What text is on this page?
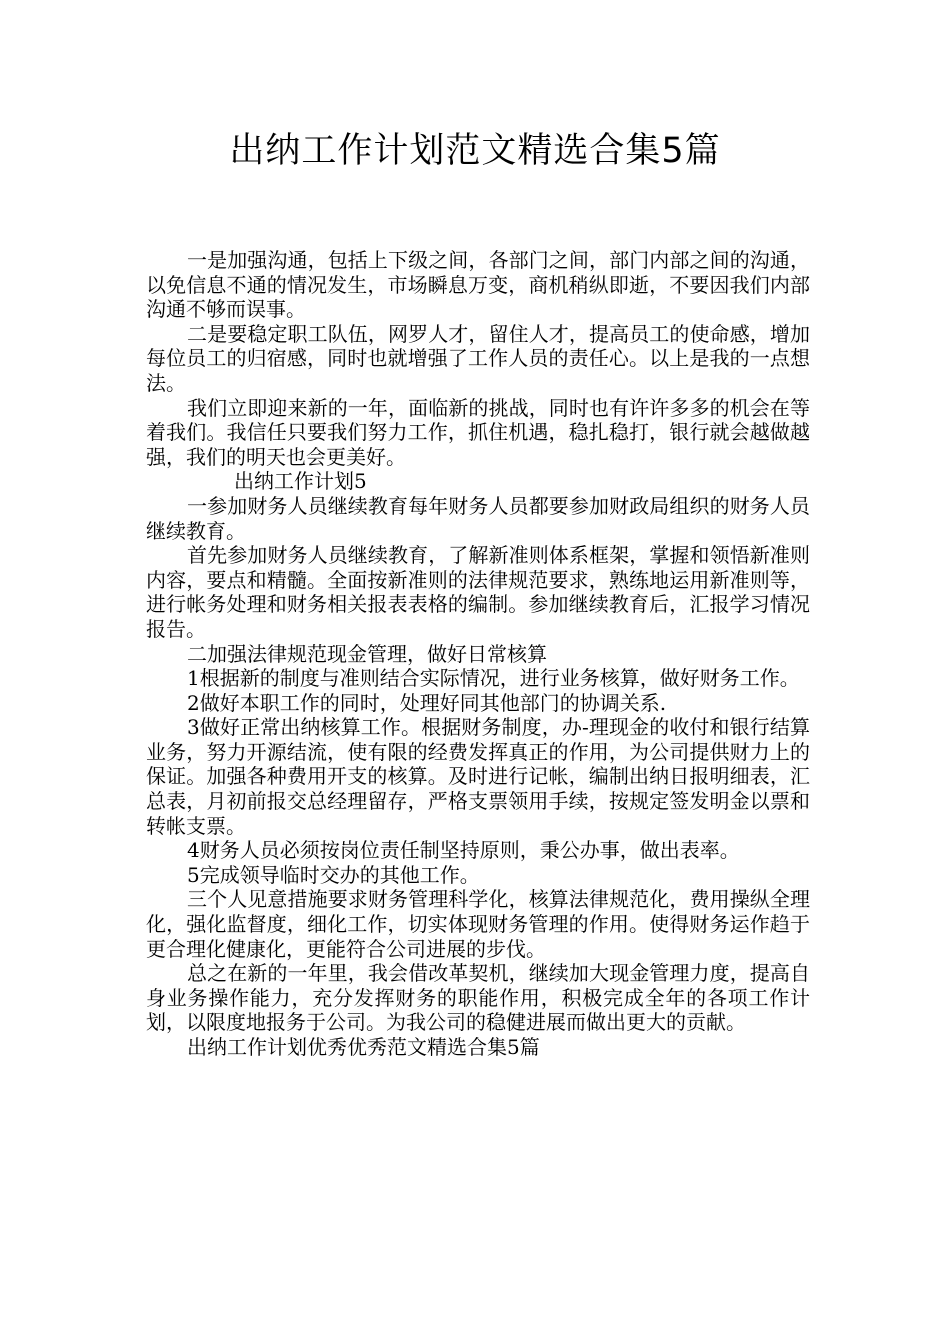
出纳工作计划范文精选合集5篇

一是加强沟通，包括上下级之间，各部门之间，部门内部之间的沟通，以免信息不通的情况发生，市场瞬息万变，商机稍纵即逝，不要因我们内部沟通不够而误事。

二是要稳定职工队伍，网罗人才，留住人才，提高员工的使命感，增加每位员工的归宿感，同时也就增强了工作人员的责任心。以上是我的一点想法。

我们立即迎来新的一年，面临新的挑战，同时也有许许多多的机会在等着我们。我信任只要我们努力工作，抓住机遇，稳扎稳打，银行就会越做越强，我们的明天也会更美好。

出纳工作计划5

一参加财务人员继续教育每年财务人员都要参加财政局组织的财务人员继续教育。

首先参加财务人员继续教育，了解新准则体系框架，掌握和领悟新准则内容，要点和精髓。全面按新准则的法律规范要求，熟练地运用新准则等，进行帐务处理和财务相关报表表格的编制。参加继续教育后，汇报学习情况报告。

二加强法律规范现金管理，做好日常核算

1根据新的制度与准则结合实际情况，进行业务核算，做好财务工作。

2做好本职工作的同时，处理好同其他部门的协调关系.

3做好正常出纳核算工作。根据财务制度，办-理现金的收付和银行结算业务，努力开源结流，使有限的经费发挥真正的作用，为公司提供财力上的保证。加强各种费用开支的核算。及时进行记帐，编制出纳日报明细表，汇总表，月初前报交总经理留存，严格支票领用手续，按规定签发明金以票和转帐支票。

4财务人员必须按岗位责任制坚持原则，秉公办事，做出表率。

5完成领导临时交办的其他工作。

三个人见意措施要求财务管理科学化，核算法律规范化，费用操纵全理化，强化监督度，细化工作，切实体现财务管理的作用。使得财务运作趋于更合理化健康化，更能符合公司进展的步伐。

总之在新的一年里，我会借改革契机，继续加大现金管理力度，提高自身业务操作能力，充分发挥财务的职能作用，积极完成全年的各项工作计划，以限度地报务于公司。为我公司的稳健进展而做出更大的贡献。

出纳工作计划优秀优秀范文精选合集5篇
